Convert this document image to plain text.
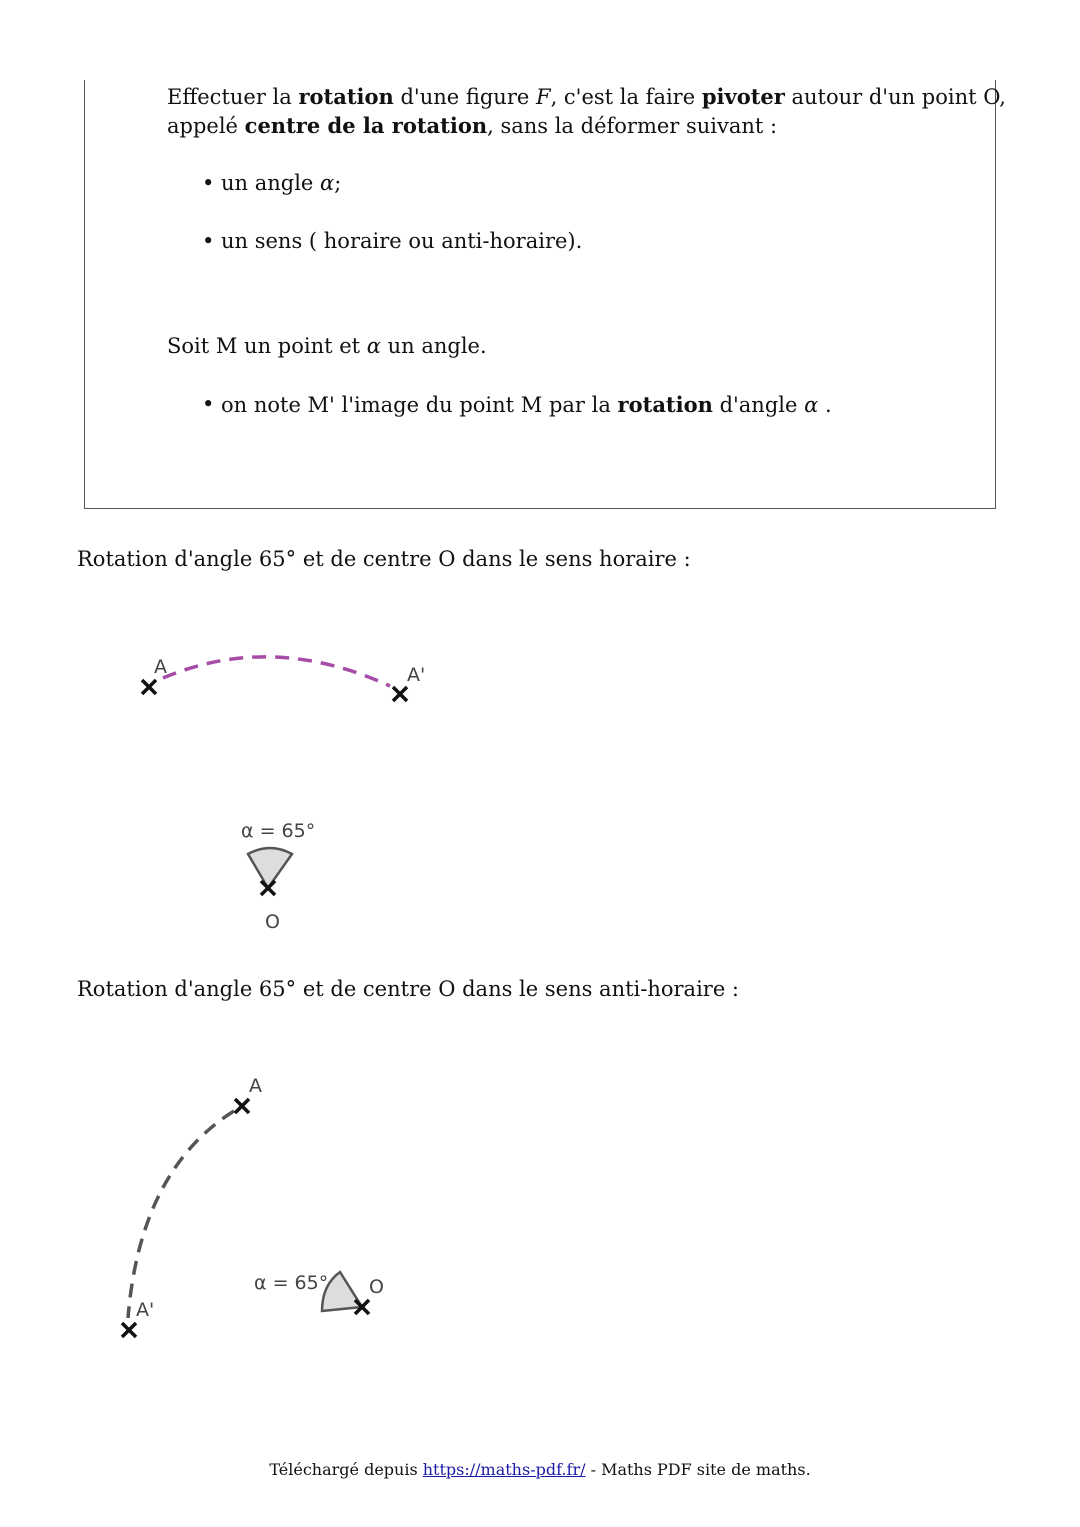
Effectuer la rotation d'une figure F, c'est la faire pivoter autour d'un point O,
appelé centre de la rotation, sans la déformer suivant :
• un angle α;
• un sens ( horaire ou anti-horaire).
Soit M un point et α un angle.
• on note M' l'image du point M par la rotation d'angle α .
Rotation d'angle 65° et de centre O dans le sens horaire :
Rotation d'angle 65° et de centre O dans le sens anti-horaire :
A	A'
α = 65°
O
A
A'
α = 65° O
Téléchargé depuis https://maths-pdf.fr/ - Maths PDF site de maths.
